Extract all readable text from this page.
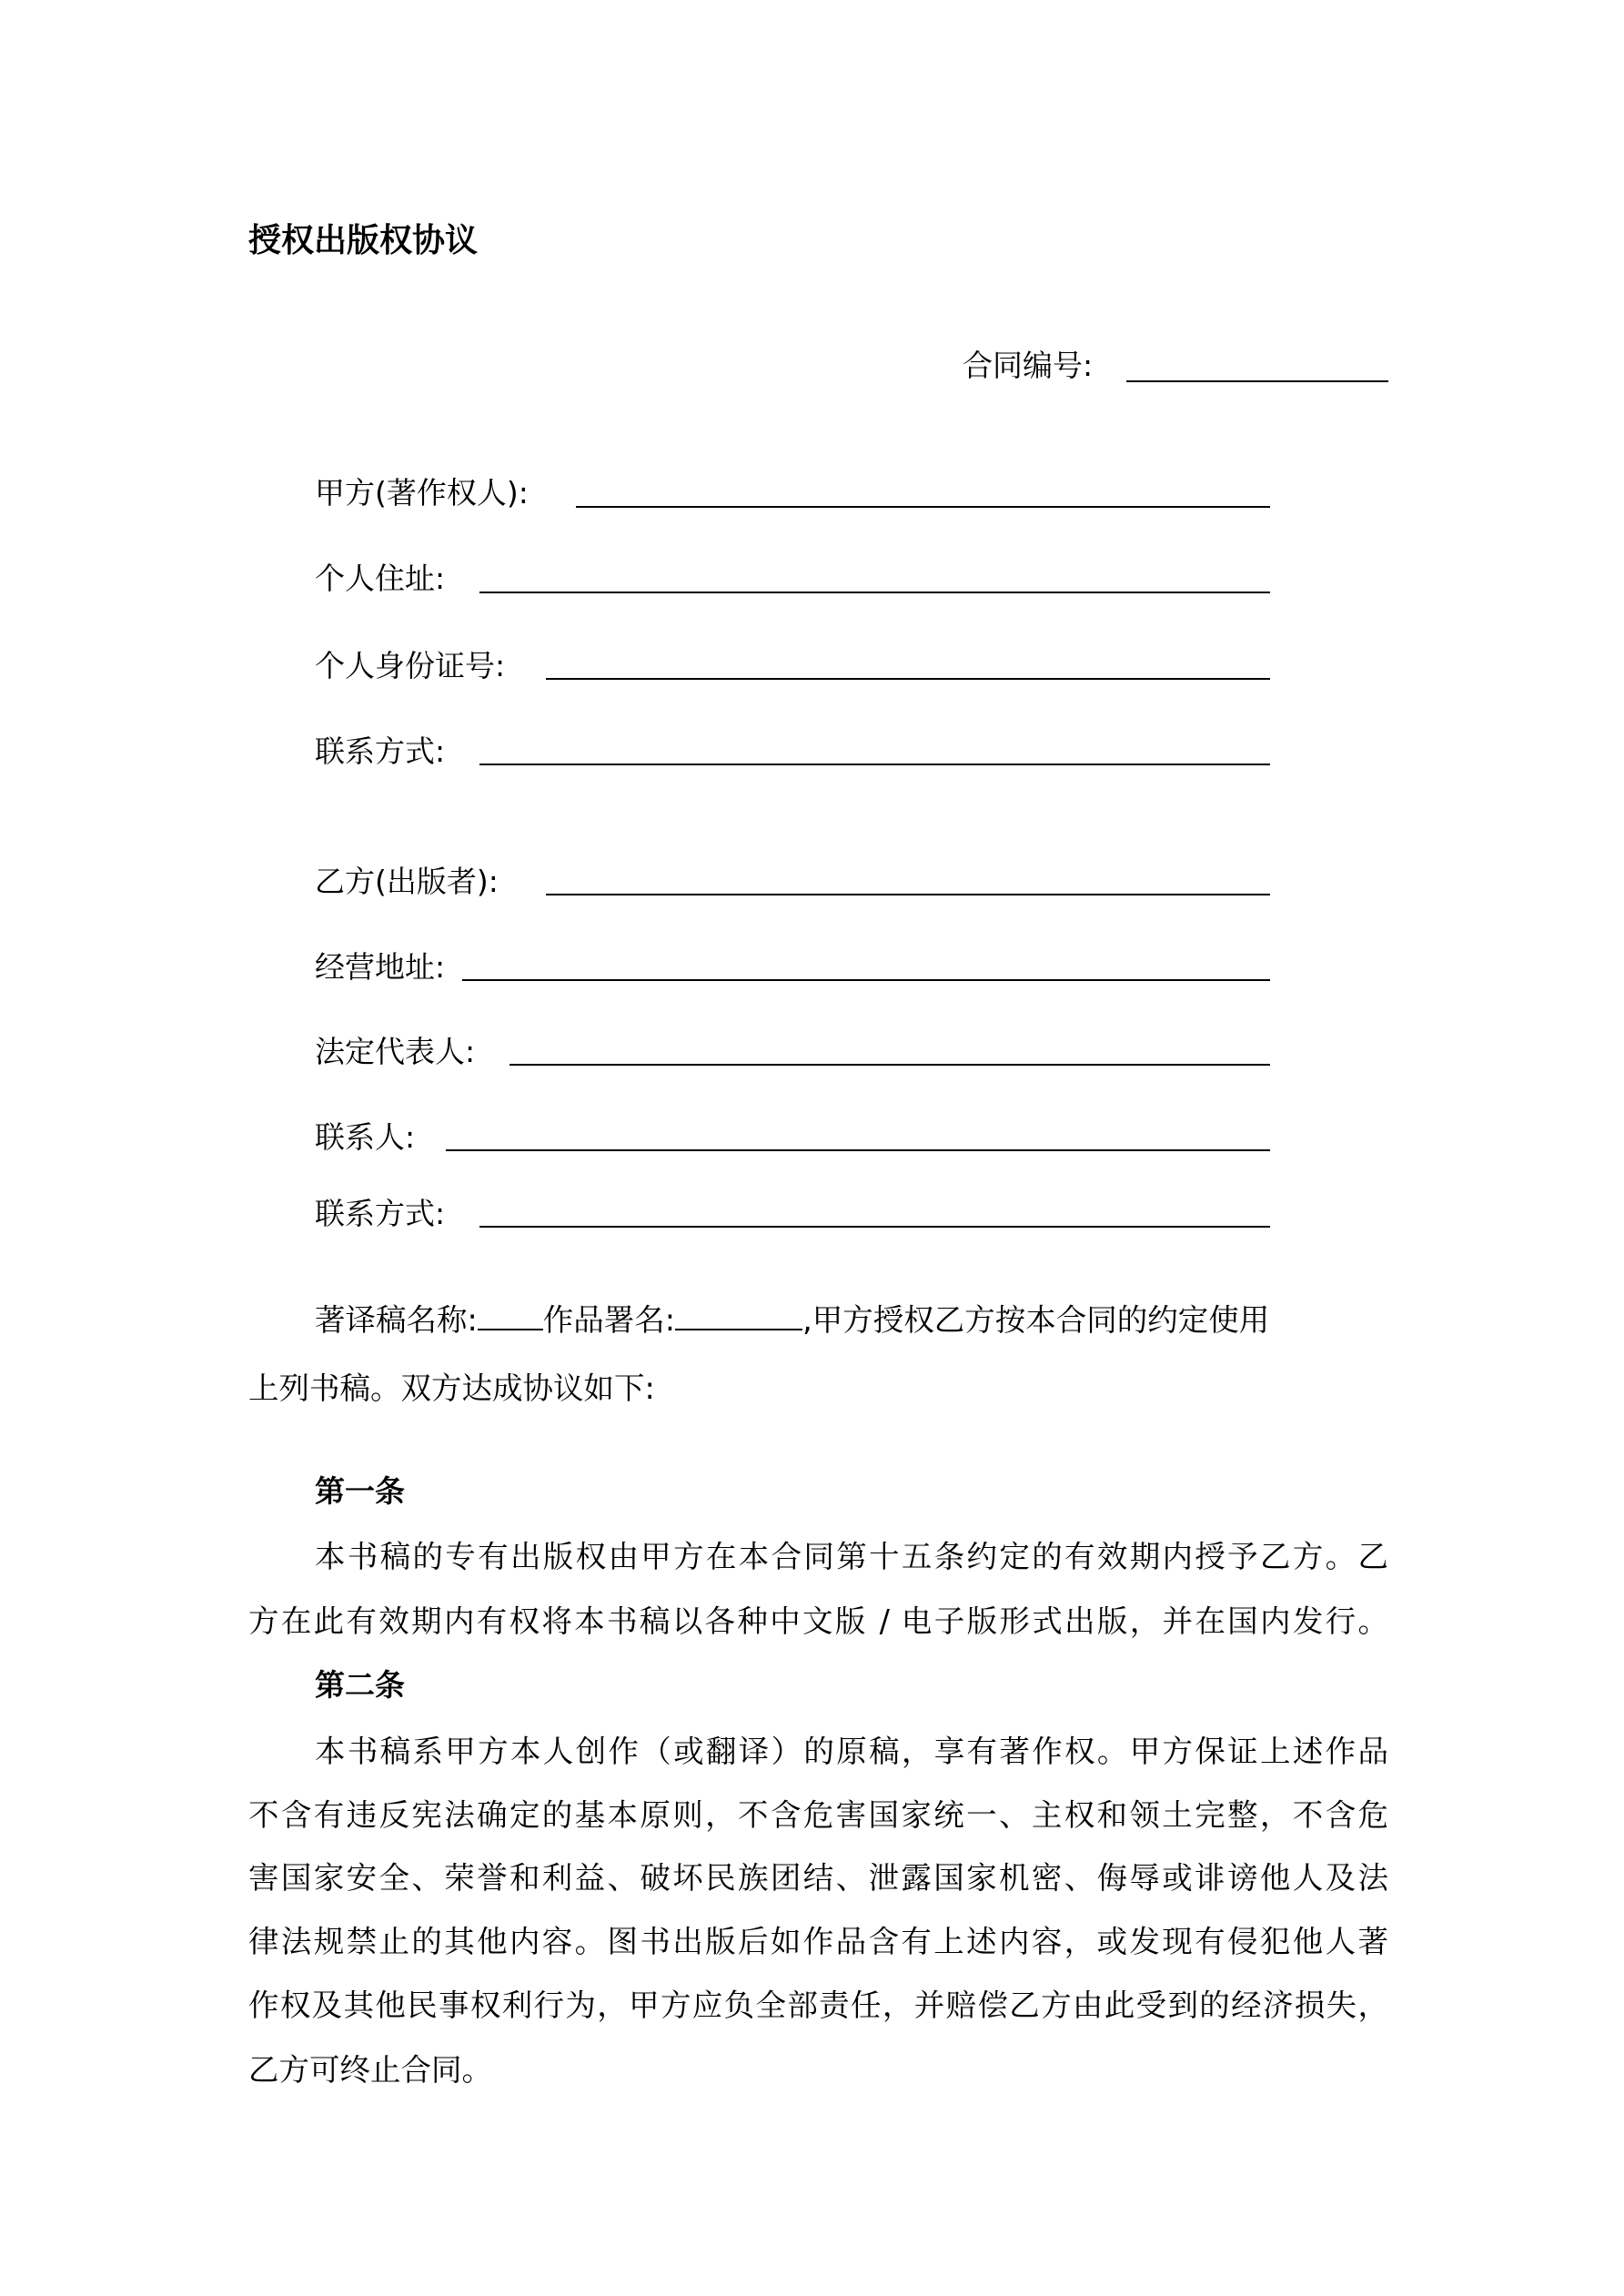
授权出版权协议
合同编号:
甲方(著作权人):
个人住址:
个人身份证号:
联系方式:
乙方(出版者):
经营地址:
法定代表人:
联系人:
联系方式:
著译稿名称: 作品署名:	,甲方授权乙方按本合同的约定使用
上列书稿。双方达成协议如下:
第一条
本书稿的专有出版权由甲方在本合同第十五条约定的有效期内授予乙方。乙
方在此有效期内有权将本书稿以各种中文版 / 电子版形式出版，并在国内发行。
第二条
本书稿系甲方本人创作（或翻译）的原稿，享有著作权。甲方保证上述作品
不含有违反宪法确定的基本原则，不含危害国家统一、主权和领土完整，不含危
害国家安全、荣誉和利益、破坏民族团结、泄露国家机密、侮辱或诽谤他人及法
律法规禁止的其他内容。图书出版后如作品含有上述内容，或发现有侵犯他人著
作权及其他民事权利行为，甲方应负全部责任，并赔偿乙方由此受到的经济损失，
乙方可终止合同。
